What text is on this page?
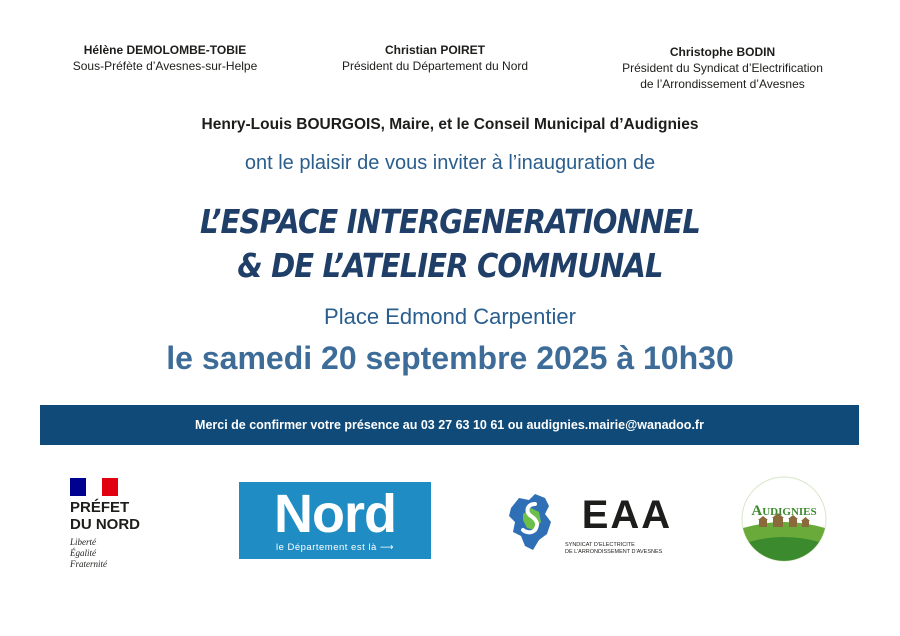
Hélène DEMOLOMBE-TOBIE
Sous-Préfète d’Avesnes-sur-Helpe
Christian POIRET
Président du Département du Nord
Christophe BODIN
Président du Syndicat d’Electrification
de l’Arrondissement d’Avesnes
Henry-Louis BOURGOIS, Maire, et le Conseil Municipal d’Audignies
ont le plaisir de vous inviter à l’inauguration de
L’ESPACE INTERGENERATIONNEL
& DE L’ATELIER COMMUNAL
Place Edmond Carpentier
le samedi 20 septembre 2025 à 10h30
Merci de confirmer votre présence au 03 27 63 10 61 ou audignies.mairie@wanadoo.fr
PRÉFET
DU NORD
Liberté
Égalité
Fraternité
Nord
le Département est là ⟶
EAA
SYNDICAT D’ELECTRICITE
DE L’ARRONDISSEMENT D’AVESNES
AUDIGNIES
